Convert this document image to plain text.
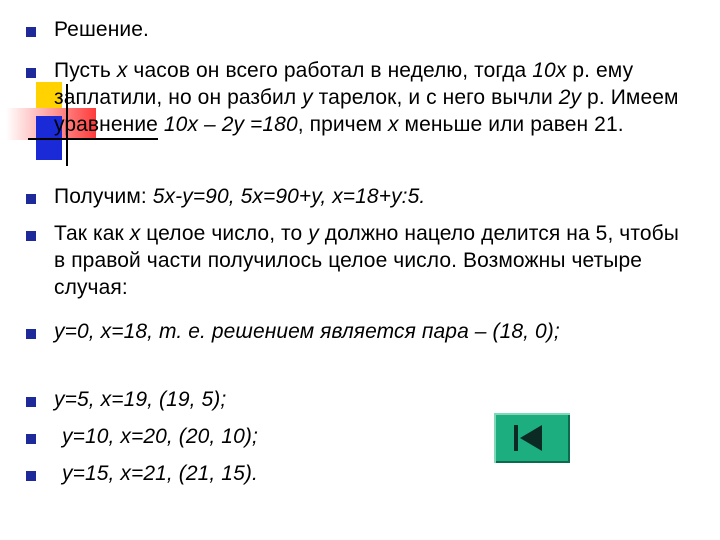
Решение.
Пусть x часов он всего работал в неделю, тогда 10x р. ему заплатили, но он разбил y тарелок, и с него вычли 2y р. Имеем уравнение 10x – 2y =180, причем x меньше или равен 21.
Получим: 5x-y=90, 5x=90+y, x=18+y:5.
Так как x целое число, то y должно нацело делится на 5, чтобы в правой части получилось целое число. Возможны четыре случая:
y=0, x=18, т. е. решением является пара – (18, 0);
y=5, x=19, (19, 5);
y=10, x=20, (20, 10);
y=15, x=21, (21, 15).
